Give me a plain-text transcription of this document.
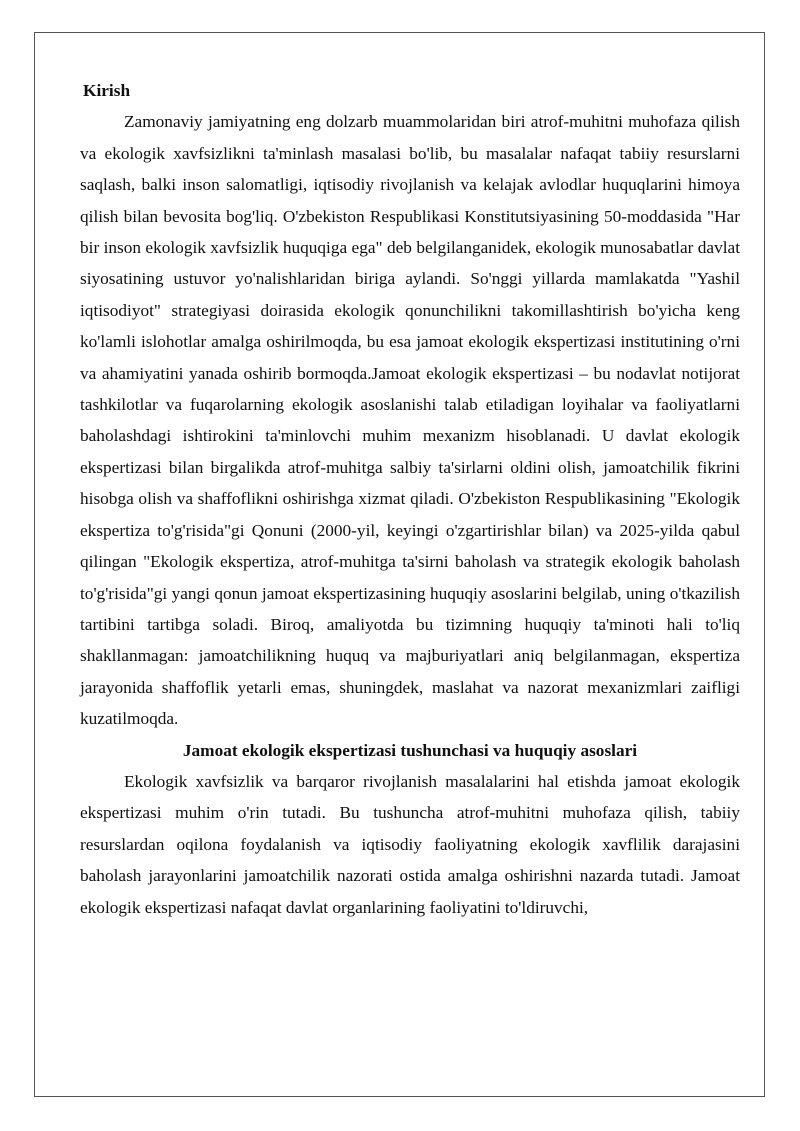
Kirish

Zamonaviy jamiyatning eng dolzarb muammolaridan biri atrof-muhitni muhofaza qilish va ekologik xavfsizlikni ta'minlash masalasi bo'lib, bu masalalar nafaqat tabiiy resurslarni saqlash, balki inson salomatligi, iqtisodiy rivojlanish va kelajak avlodlar huquqlarini himoya qilish bilan bevosita bog'liq. O'zbekiston Respublikasi Konstitutsiyasining 50-moddasida "Har bir inson ekologik xavfsizlik huquqiga ega" deb belgilanganidek, ekologik munosabatlar davlat siyosatining ustuvor yo'nalishlaridan biriga aylandi. So'nggi yillarda mamlakatda "Yashil iqtisodiyot" strategiyasi doirasida ekologik qonunchilikni takomillashtirish bo'yicha keng ko'lamli islohotlar amalga oshirilmoqda, bu esa jamoat ekologik ekspertizasi institutining o'rni va ahamiyatini yanada oshirib bormoqda.Jamoat ekologik ekspertizasi – bu nodavlat notijorat tashkilotlar va fuqarolarning ekologik asoslanishi talab etiladigan loyihalar va faoliyatlarni baholashdagi ishtirokini ta'minlovchi muhim mexanizm hisoblanadi. U davlat ekologik ekspertizasi bilan birgalikda atrof-muhitga salbiy ta'sirlarni oldini olish, jamoatchilik fikrini hisobga olish va shaffoflikni oshirishga xizmat qiladi. O'zbekiston Respublikasining "Ekologik ekspertiza to'g'risida"gi Qonuni (2000-yil, keyingi o'zgartirishlar bilan) va 2025-yilda qabul qilingan "Ekologik ekspertiza, atrof-muhitga ta'sirni baholash va strategik ekologik baholash to'g'risida"gi yangi qonun jamoat ekspertizasining huquqiy asoslarini belgilab, uning o'tkazilish tartibini tartibga soladi. Biroq, amaliyotda bu tizimning huquqiy ta'minoti hali to'liq shakllanmagan: jamoatchilikning huquq va majburiyatlari aniq belgilanmagan, ekspertiza jarayonida shaffoflik yetarli emas, shuningdek, maslahat va nazorat mexanizmlari zaifligi kuzatilmoqda.

Jamoat ekologik ekspertizasi tushunchasi va huquqiy asoslari

Ekologik xavfsizlik va barqaror rivojlanish masalalarini hal etishda jamoat ekologik ekspertizasi muhim o'rin tutadi. Bu tushuncha atrof-muhitni muhofaza qilish, tabiiy resurslardan oqilona foydalanish va iqtisodiy faoliyatning ekologik xavflilik darajasini baholash jarayonlarini jamoatchilik nazorati ostida amalga oshirishni nazarda tutadi. Jamoat ekologik ekspertizasi nafaqat davlat organlarining faoliyatini to'ldiruvchi,
